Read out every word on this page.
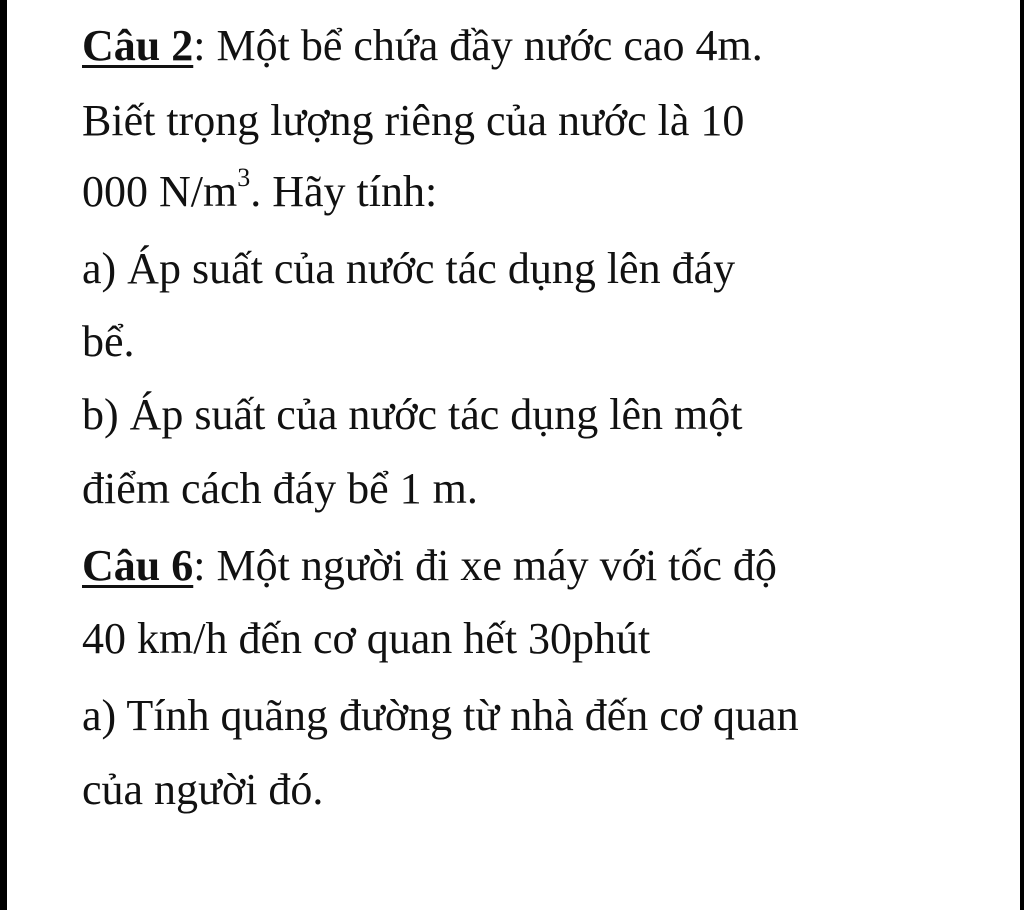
Câu 2: Một bể chứa đầy nước cao 4m.

Biết trọng lượng riêng của nước là 10

000 $N/m^3$. Hãy tính:

a) Áp suất của nước tác dụng lên đáy

bể.

b) Áp suất của nước tác dụng lên một

điểm cách đáy bể 1 m.

Câu 6: Một người đi xe máy với tốc độ

40 km/h đến cơ quan hết 30phút

a) Tính quãng đường từ nhà đến cơ quan

của người đó.
